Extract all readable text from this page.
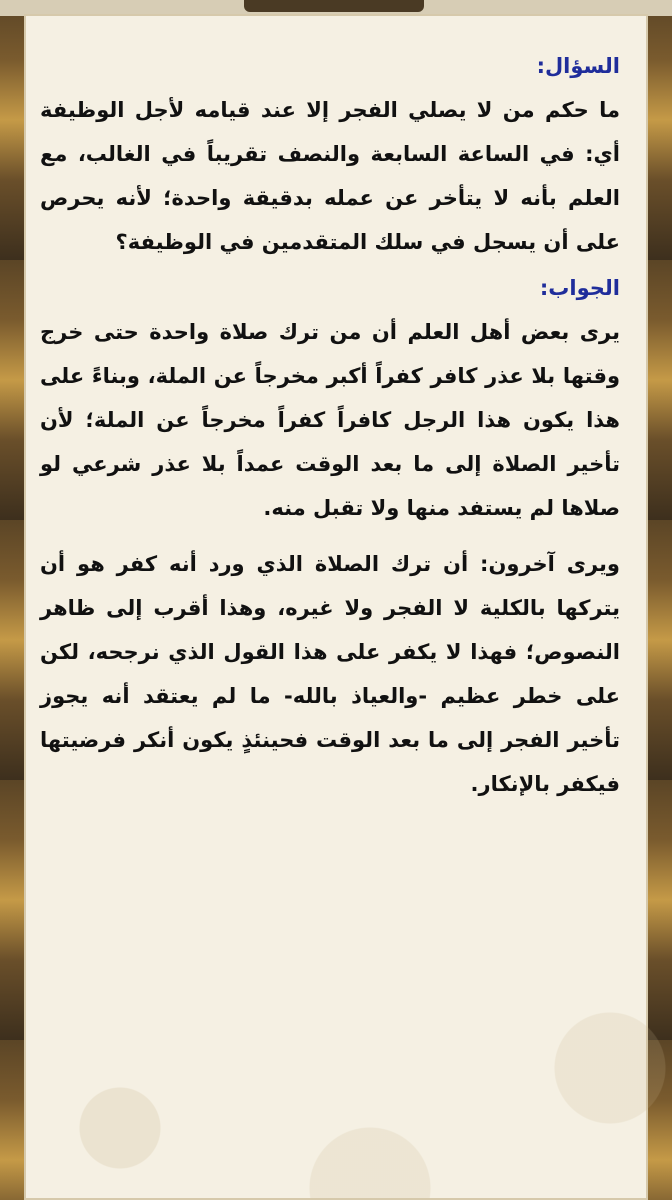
السؤال:

ما حكم من لا يصلي الفجر إلا عند قيامه لأجل الوظيفة أي: في الساعة السابعة والنصف تقريباً في الغالب، مع العلم بأنه لا يتأخر عن عمله بدقيقة واحدة؛ لأنه يحرص على أن يسجل في سلك المتقدمين في الوظيفة؟

الجواب:

يرى بعض أهل العلم أن من ترك صلاة واحدة حتى خرج وقتها بلا عذر كافر كفراً أكبر مخرجاً عن الملة، وبناءً على هذا يكون هذا الرجل كافراً كفراً مخرجاً عن الملة؛ لأن تأخير الصلاة إلى ما بعد الوقت عمداً بلا عذر شرعي لو صلاها لم يستفد منها ولا تقبل منه.

ويرى آخرون: أن ترك الصلاة الذي ورد أنه كفر هو أن يتركها بالكلية لا الفجر ولا غيره، وهذا أقرب إلى ظاهر النصوص؛ فهذا لا يكفر على هذا القول الذي نرجحه، لكن على خطر عظيم -والعياذ بالله- ما لم يعتقد أنه يجوز تأخير الفجر إلى ما بعد الوقت فحينئذٍ يكون أنكر فرضيتها فيكفر بالإنكار.
